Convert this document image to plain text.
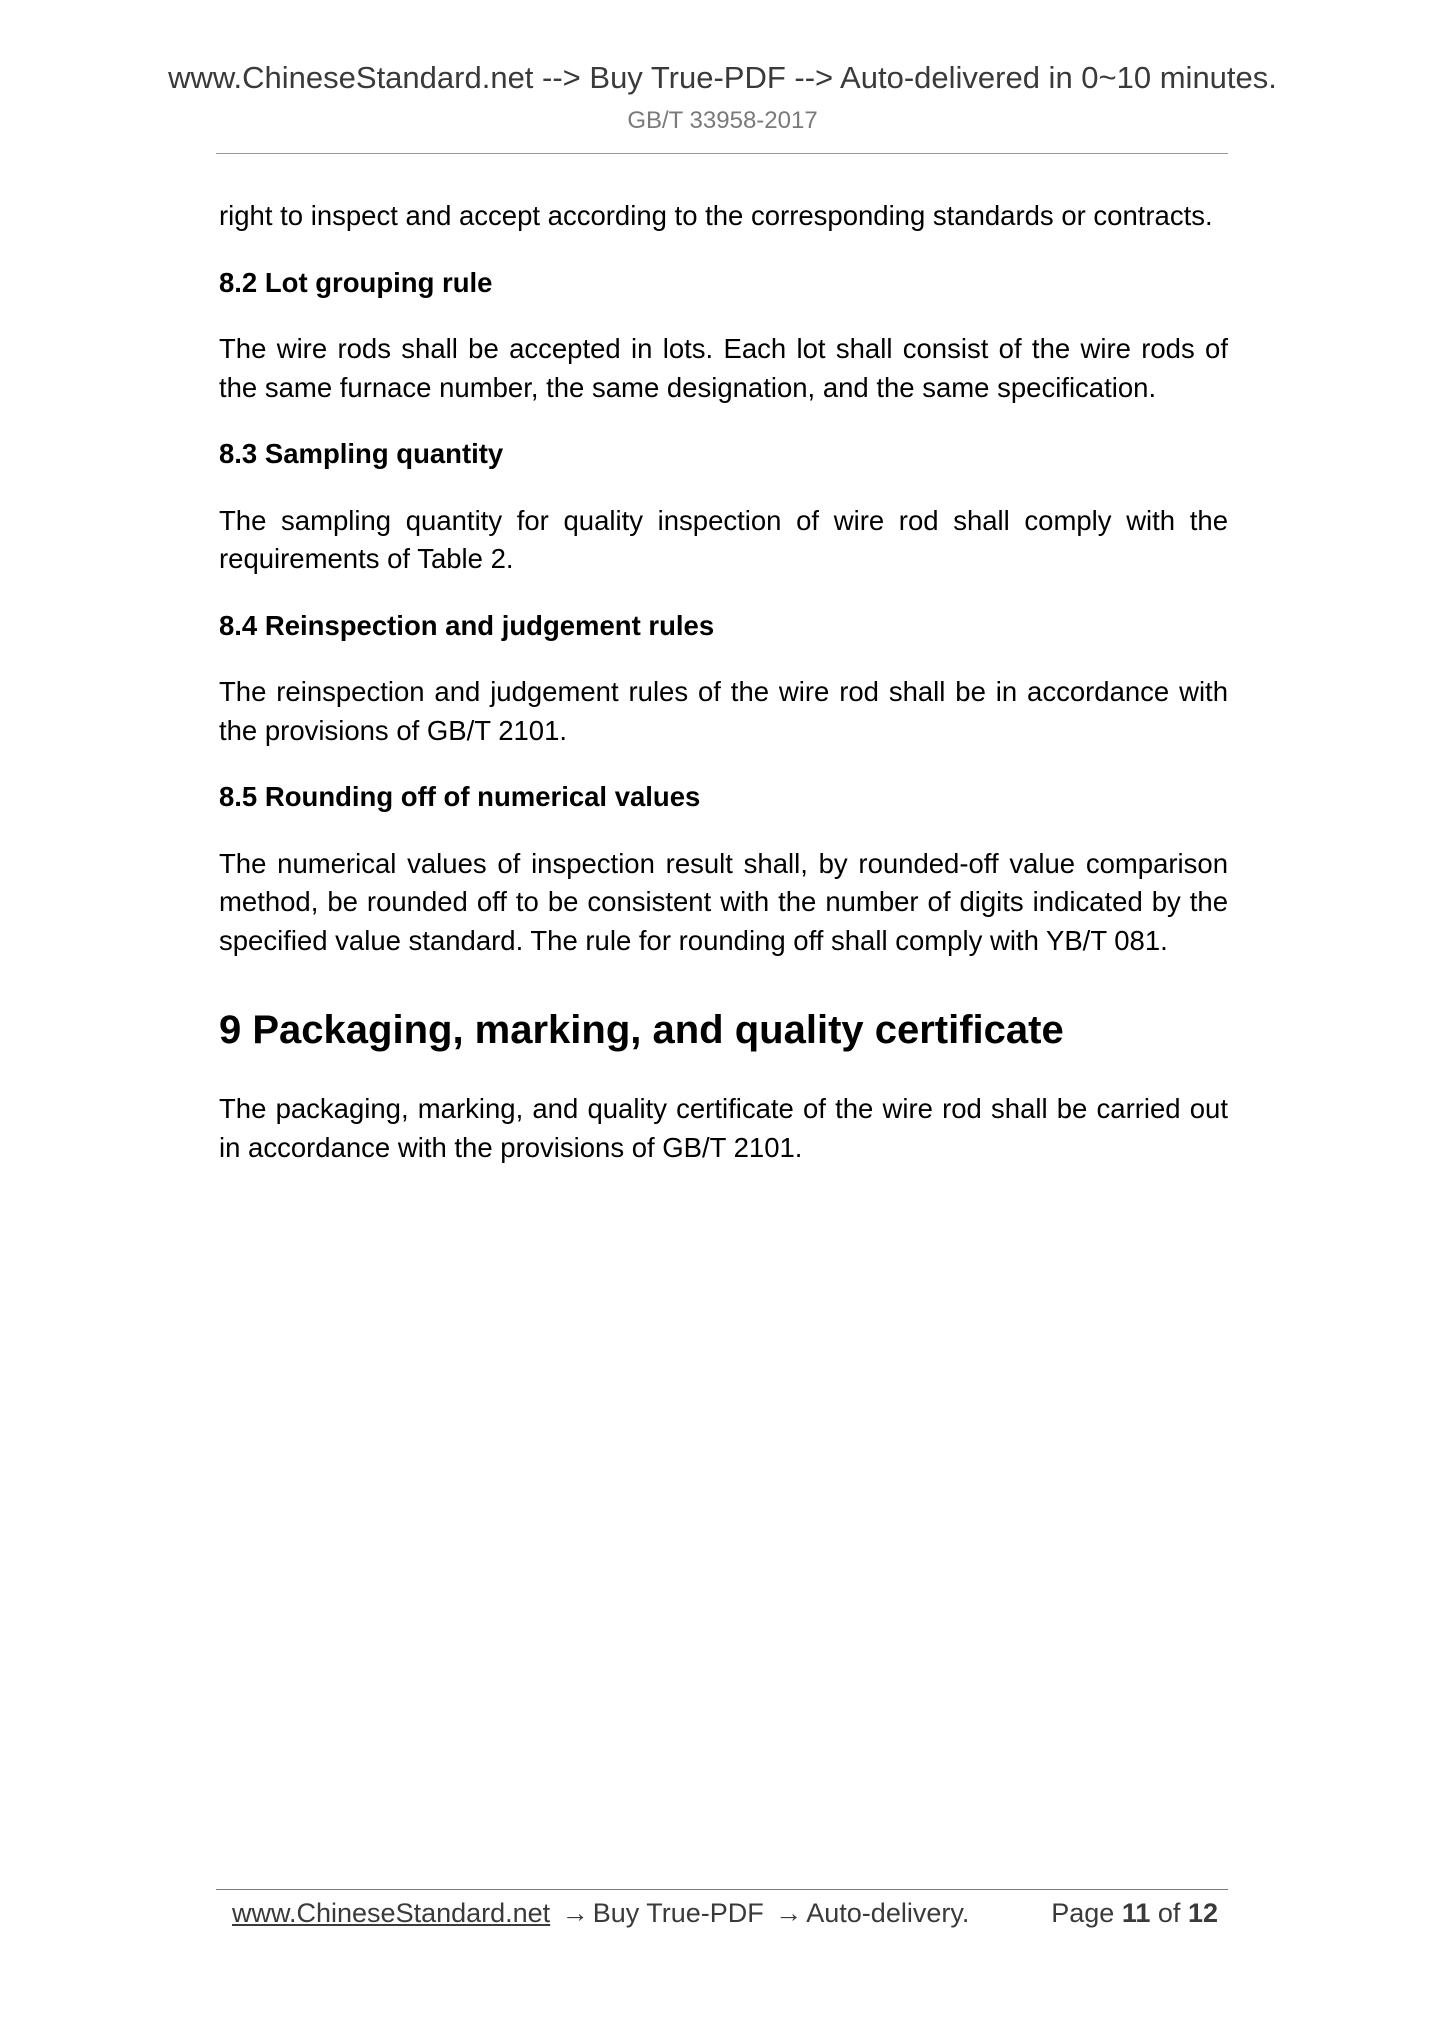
www.ChineseStandard.net --> Buy True-PDF --> Auto-delivered in 0~10 minutes.
GB/T 33958-2017

right to inspect and accept according to the corresponding standards or contracts.

8.2 Lot grouping rule

The wire rods shall be accepted in lots. Each lot shall consist of the wire rods of the same furnace number, the same designation, and the same specification.

8.3 Sampling quantity

The sampling quantity for quality inspection of wire rod shall comply with the requirements of Table 2.

8.4 Reinspection and judgement rules

The reinspection and judgement rules of the wire rod shall be in accordance with the provisions of GB/T 2101.

8.5 Rounding off of numerical values

The numerical values of inspection result shall, by rounded-off value comparison method, be rounded off to be consistent with the number of digits indicated by the specified value standard. The rule for rounding off shall comply with YB/T 081.

9 Packaging, marking, and quality certificate

The packaging, marking, and quality certificate of the wire rod shall be carried out in accordance with the provisions of GB/T 2101.

www.ChineseStandard.net → Buy True-PDF → Auto-delivery.	Page 11 of 12
